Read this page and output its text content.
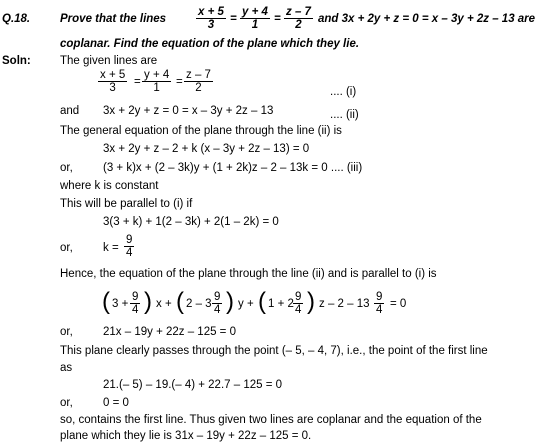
Q.18.	Prove that the lines	$\frac{x + 5}{3} = \frac{y + 4}{1} = \frac{z - 7}{2}$ and 3x + 2y + z = 0 = x – 3y + 2z – 13 are
coplanar. Find the equation of the plane which they lie.
Soln:	The given lines are
$\frac{x + 5}{3} = \frac{y + 4}{1} = \frac{z - 7}{2}$	.... (i)
and 3x + 2y + z = 0 = x – 3y + 2z – 13	.... (ii)
The general equation of the plane through the line (ii) is
3x + 2y + z – 2 + k (x – 3y + 2z – 13) = 0
or,	(3 + k)x + (2 – 3k)y + (1 + 2k)z – 2 – 13k = 0 .... (iii)
where k is constant
This will be parallel to (i) if
3(3 + k) + 1(2 – 3k) + 2(1 – 2k) = 0
or,	$k = \frac{9}{4}$
Hence, the equation of the plane through the line (ii) and is parallel to (i) is
( $3 + \frac{9}{4}$ ) x + ( $2 - 3 \frac{9}{4}$ ) y + ( $1 + 2 \frac{9}{4}$ ) $z - 2 - 13 \frac{9}{4} = 0$
or,	21x – 19y + 22z – 125 = 0
This plane clearly passes through the point (– 5, – 4, 7), i.e., the point of the first line
as
21.(– 5) – 19.(– 4) + 22.7 – 125 = 0
or,	0 = 0
so, contains the first line. Thus given two lines are coplanar and the equation of the
plane which they lie is 31x – 19y + 22z – 125 = 0.
